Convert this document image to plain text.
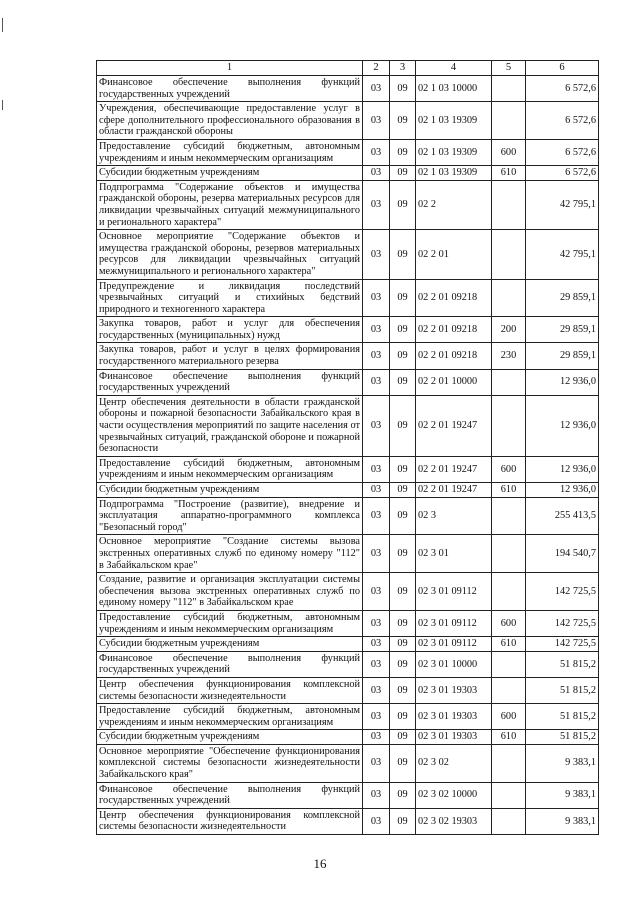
1	2	3	4	5	6
Финансовое обеспечение выполнения функций государственных учреждений	03	09	02 1 03 10000		6 572,6
Учреждения, обеспечивающие предоставление услуг в сфере дополнительного профессионального образования в области гражданской обороны	03	09	02 1 03 19309		6 572,6
Предоставление субсидий бюджетным, автономным учреждениям и иным некоммерческим организациям	03	09	02 1 03 19309	600	6 572,6
Субсидии бюджетным учреждениям	03	09	02 1 03 19309	610	6 572,6
Подпрограмма "Содержание объектов и имущества гражданской обороны, резерва материальных ресурсов для ликвидации чрезвычайных ситуаций межмуниципального и регионального характера"	03	09	02 2		42 795,1
Основное мероприятие "Содержание объектов и имущества гражданской обороны, резервов материальных ресурсов для ликвидации чрезвычайных ситуаций межмуниципального и регионального характера"	03	09	02 2 01		42 795,1
Предупреждение и ликвидация последствий чрезвычайных ситуаций и стихийных бедствий природного и техногенного характера	03	09	02 2 01 09218		29 859,1
Закупка товаров, работ и услуг для обеспечения государственных (муниципальных) нужд	03	09	02 2 01 09218	200	29 859,1
Закупка товаров, работ и услуг в целях формирования государственного материального резерва	03	09	02 2 01 09218	230	29 859,1
Финансовое обеспечение выполнения функций государственных учреждений	03	09	02 2 01 10000		12 936,0
Центр обеспечения деятельности в области гражданской обороны и пожарной безопасности Забайкальского края в части осуществления мероприятий по защите населения от чрезвычайных ситуаций, гражданской обороне и пожарной безопасности	03	09	02 2 01 19247		12 936,0
Предоставление субсидий бюджетным, автономным учреждениям и иным некоммерческим организациям	03	09	02 2 01 19247	600	12 936,0
Субсидии бюджетным учреждениям	03	09	02 2 01 19247	610	12 936,0
Подпрограмма "Построение (развитие), внедрение и эксплуатация аппаратно-программного комплекса "Безопасный город"	03	09	02 3		255 413,5
Основное мероприятие "Создание системы вызова экстренных оперативных служб по единому номеру "112" в Забайкальском крае"	03	09	02 3 01		194 540,7
Создание, развитие и организация эксплуатации системы обеспечения вызова экстренных оперативных служб по единому номеру "112" в Забайкальском крае	03	09	02 3 01 09112		142 725,5
Предоставление субсидий бюджетным, автономным учреждениям и иным некоммерческим организациям	03	09	02 3 01 09112	600	142 725,5
Субсидии бюджетным учреждениям	03	09	02 3 01 09112	610	142 725,5
Финансовое обеспечение выполнения функций государственных учреждений	03	09	02 3 01 10000		51 815,2
Центр обеспечения функционирования комплексной системы безопасности жизнедеятельности	03	09	02 3 01 19303		51 815,2
Предоставление субсидий бюджетным, автономным учреждениям и иным некоммерческим организациям	03	09	02 3 01 19303	600	51 815,2
Субсидии бюджетным учреждениям	03	09	02 3 01 19303	610	51 815,2
Основное мероприятие "Обеспечение функционирования комплексной системы безопасности жизнедеятельности Забайкальского края"	03	09	02 3 02		9 383,1
Финансовое обеспечение выполнения функций государственных учреждений	03	09	02 3 02 10000		9 383,1
Центр обеспечения функционирования комплексной системы безопасности жизнедеятельности	03	09	02 3 02 19303		9 383,1
16
